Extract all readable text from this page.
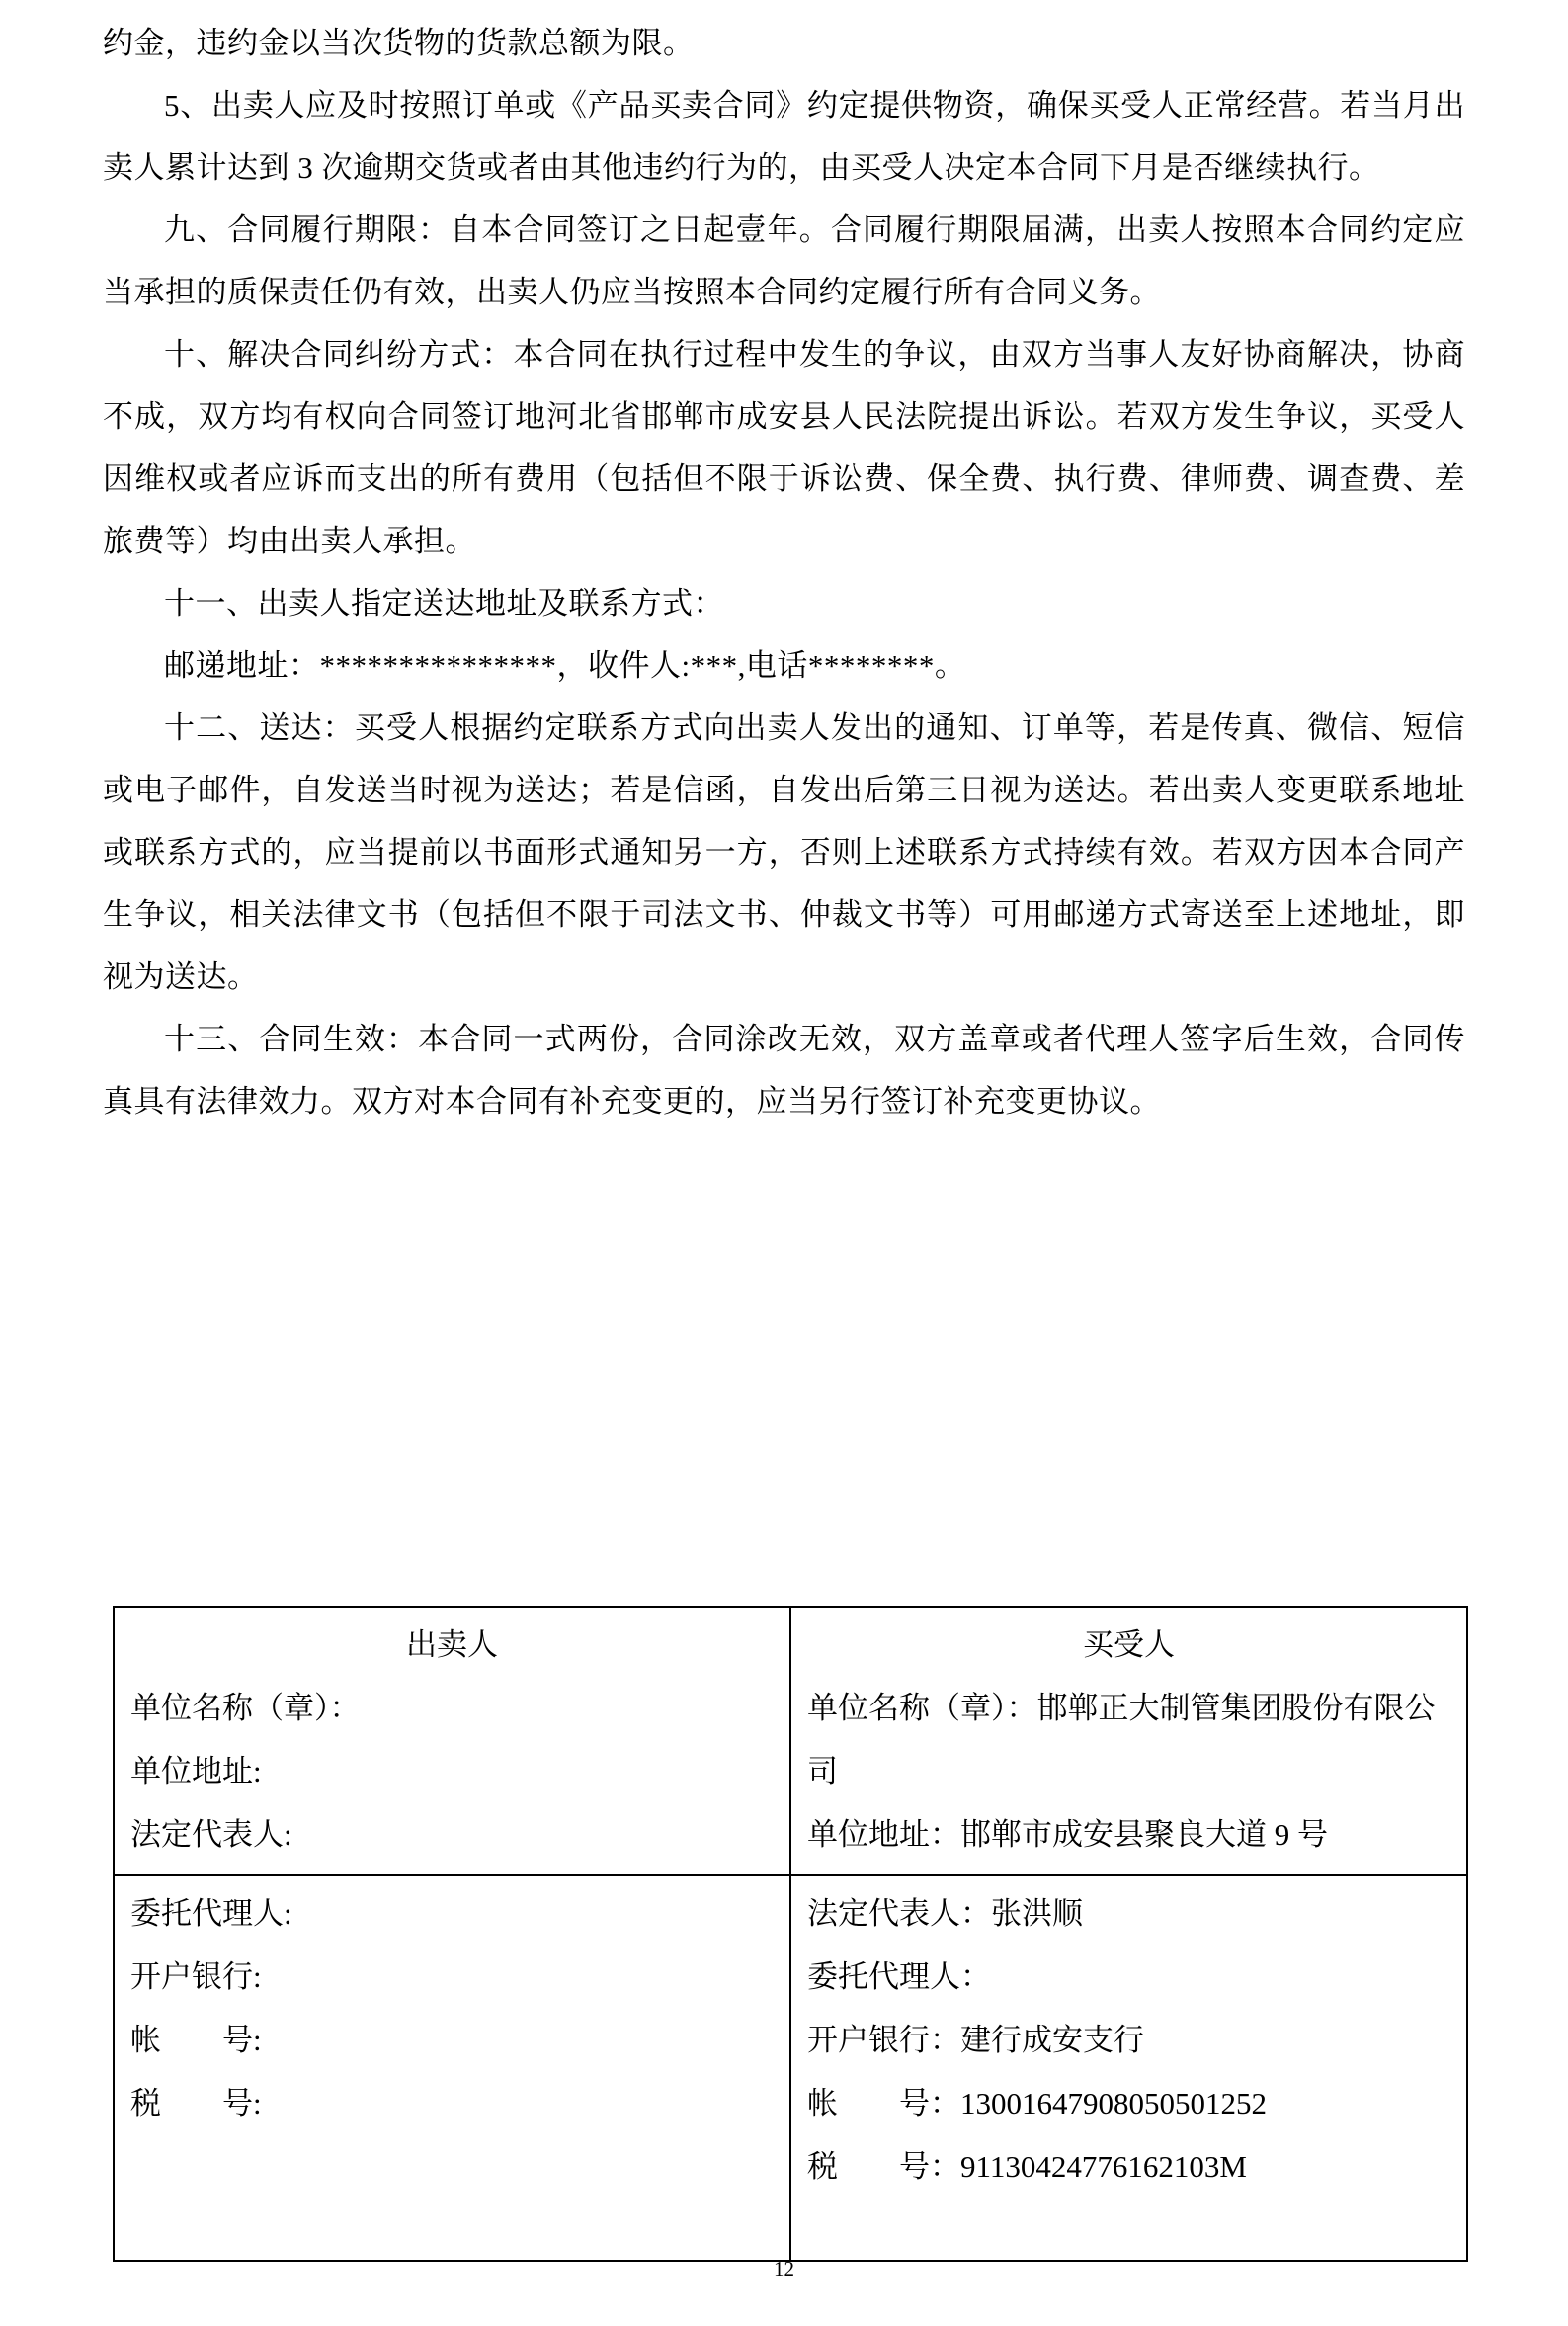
约金，违约金以当次货物的货款总额为限。

5、出卖人应及时按照订单或《产品买卖合同》约定提供物资，确保买受人正常经营。若当月出卖人累计达到 3 次逾期交货或者由其他违约行为的，由买受人决定本合同下月是否继续执行。

九、合同履行期限：自本合同签订之日起壹年。合同履行期限届满，出卖人按照本合同约定应当承担的质保责任仍有效，出卖人仍应当按照本合同约定履行所有合同义务。

十、解决合同纠纷方式：本合同在执行过程中发生的争议，由双方当事人友好协商解决，协商不成，双方均有权向合同签订地河北省邯郸市成安县人民法院提出诉讼。若双方发生争议，买受人因维权或者应诉而支出的所有费用（包括但不限于诉讼费、保全费、执行费、律师费、调查费、差旅费等）均由出卖人承担。

十一、出卖人指定送达地址及联系方式：

邮递地址：***************，收件人:***,电话********。

十二、送达：买受人根据约定联系方式向出卖人发出的通知、订单等，若是传真、微信、短信或电子邮件，自发送当时视为送达；若是信函，自发出后第三日视为送达。若出卖人变更联系地址或联系方式的，应当提前以书面形式通知另一方，否则上述联系方式持续有效。若双方因本合同产生争议，相关法律文书（包括但不限于司法文书、仲裁文书等）可用邮递方式寄送至上述地址，即视为送达。

十三、合同生效：本合同一式两份，合同涂改无效，双方盖章或者代理人签字后生效，合同传真具有法律效力。双方对本合同有补充变更的，应当另行签订补充变更协议。

出卖人
单位名称（章）：
单位地址:
法定代表人:

买受人
单位名称（章）：邯郸正大制管集团股份有限公司
单位地址：邯郸市成安县聚良大道 9 号

委托代理人:
开户银行:
帐　　号:
税　　号:

法定代表人：张洪顺
委托代理人：
开户银行：建行成安支行
帐　　号：13001647908050501252
税　　号：91130424776162103M
12
